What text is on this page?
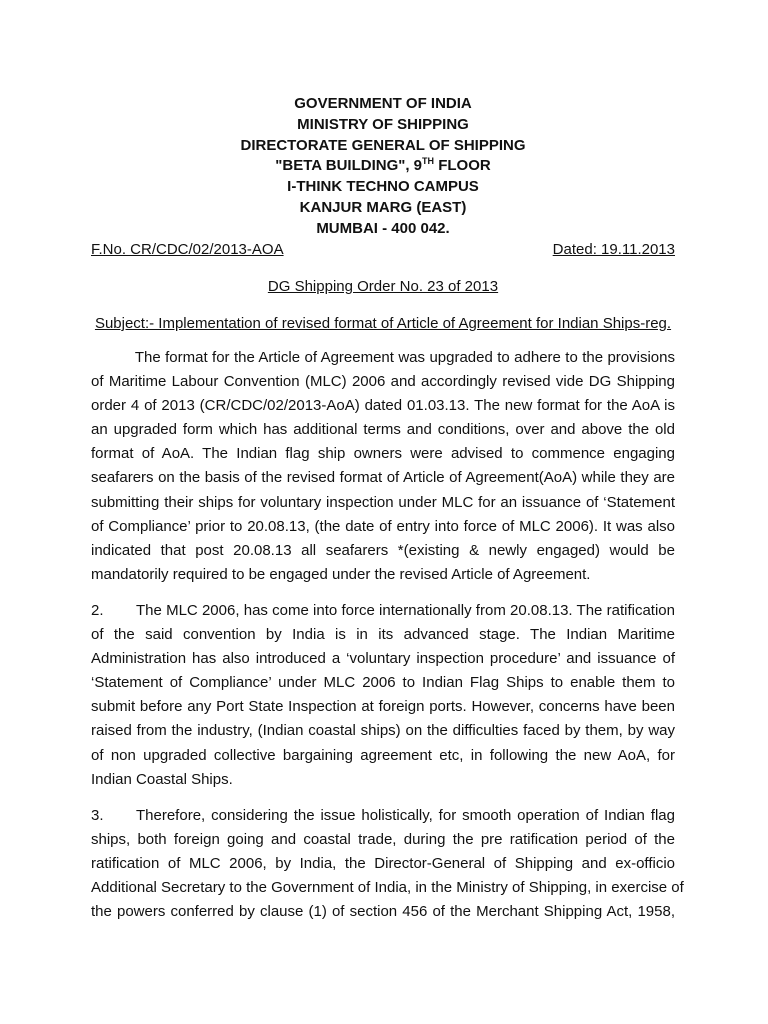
GOVERNMENT OF INDIA
MINISTRY OF SHIPPING
DIRECTORATE GENERAL OF SHIPPING
"BETA BUILDING", 9TH FLOOR
I-THINK TECHNO CAMPUS
KANJUR MARG (EAST)
MUMBAI - 400 042.
F.No. CR/CDC/02/2013-AOA	Dated: 19.11.2013
DG Shipping Order No. 23 of 2013
Subject:- Implementation of revised format of Article of Agreement for Indian Ships-reg.
The format for the Article of Agreement was upgraded to adhere to the provisions
of Maritime Labour Convention (MLC) 2006 and accordingly revised vide DG Shipping
order 4 of 2013 (CR/CDC/02/2013-AoA) dated 01.03.13. The new format for the AoA is
an upgraded form which has additional terms and conditions, over and above the old
format of AoA. The Indian flag ship owners were advised to commence engaging
seafarers on the basis of the revised format of Article of Agreement(AoA) while they are
submitting their ships for voluntary inspection under MLC for an issuance of ‘Statement
of Compliance’ prior to 20.08.13, (the date of entry into force of MLC 2006). It was also
indicated that post 20.08.13 all seafarers *(existing & newly engaged) would be
mandatorily required to be engaged under the revised Article of Agreement.
2. The MLC 2006, has come into force internationally from 20.08.13. The ratification
of the said convention by India is in its advanced stage. The Indian Maritime
Administration has also introduced a ‘voluntary inspection procedure’ and issuance of
‘Statement of Compliance’ under MLC 2006 to Indian Flag Ships to enable them to
submit before any Port State Inspection at foreign ports. However, concerns have been
raised from the industry, (Indian coastal ships) on the difficulties faced by them, by way
of non upgraded collective bargaining agreement etc, in following the new AoA, for
Indian Coastal Ships.
3. Therefore, considering the issue holistically, for smooth operation of Indian flag
ships, both foreign going and coastal trade, during the pre ratification period of the
ratification of MLC 2006, by India, the Director-General of Shipping and ex-officio
Additional Secretary to the Government of India, in the Ministry of Shipping, in exercise of
the powers conferred by clause (1) of section 456 of the Merchant Shipping Act, 1958,
